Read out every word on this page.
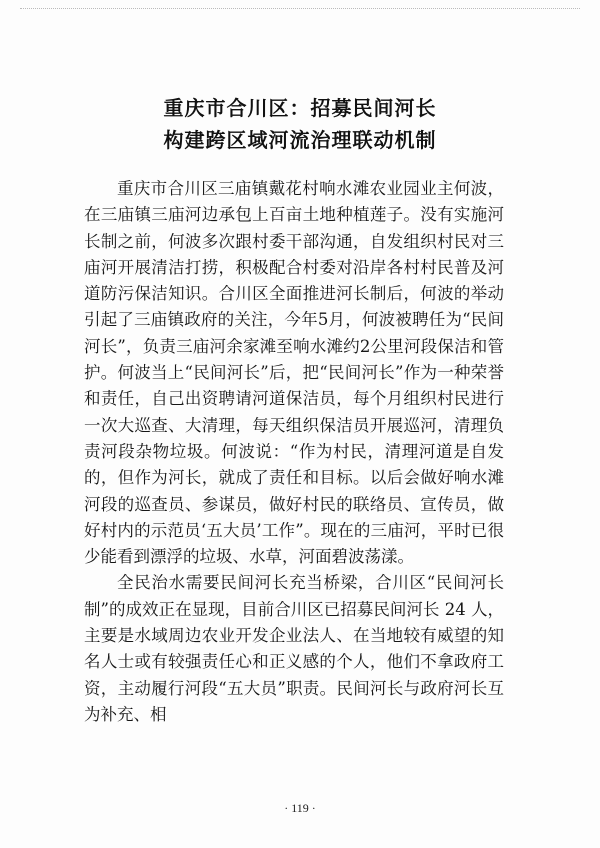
重庆市合川区：招募民间河长
构建跨区域河流治理联动机制

重庆市合川区三庙镇戴花村响水滩农业园业主何波，在三庙镇三庙河边承包上百亩土地种植莲子。没有实施河长制之前，何波多次跟村委干部沟通，自发组织村民对三庙河开展清洁打捞，积极配合村委对沿岸各村村民普及河道防污保洁知识。合川区全面推进河长制后，何波的举动引起了三庙镇政府的关注，今年5月，何波被聘任为“民间河长”，负责三庙河余家滩至响水滩约2公里河段保洁和管护。何波当上“民间河长”后，把“民间河长”作为一种荣誉和责任，自己出资聘请河道保洁员，每个月组织村民进行一次大巡查、大清理，每天组织保洁员开展巡河，清理负责河段杂物垃圾。何波说：“作为村民，清理河道是自发的，但作为河长，就成了责任和目标。以后会做好响水滩河段的巡查员、参谋员，做好村民的联络员、宣传员，做好村内的示范员‘五大员’工作”。现在的三庙河，平时已很少能看到漂浮的垃圾、水草，河面碧波荡漾。

全民治水需要民间河长充当桥梁，合川区“民间河长制”的成效正在显现，目前合川区已招募民间河长 24 人，主要是水域周边农业开发企业法人、在当地较有威望的知名人士或有较强责任心和正义感的个人，他们不拿政府工资，主动履行河段“五大员”职责。民间河长与政府河长互为补充、相

· 119 ·
